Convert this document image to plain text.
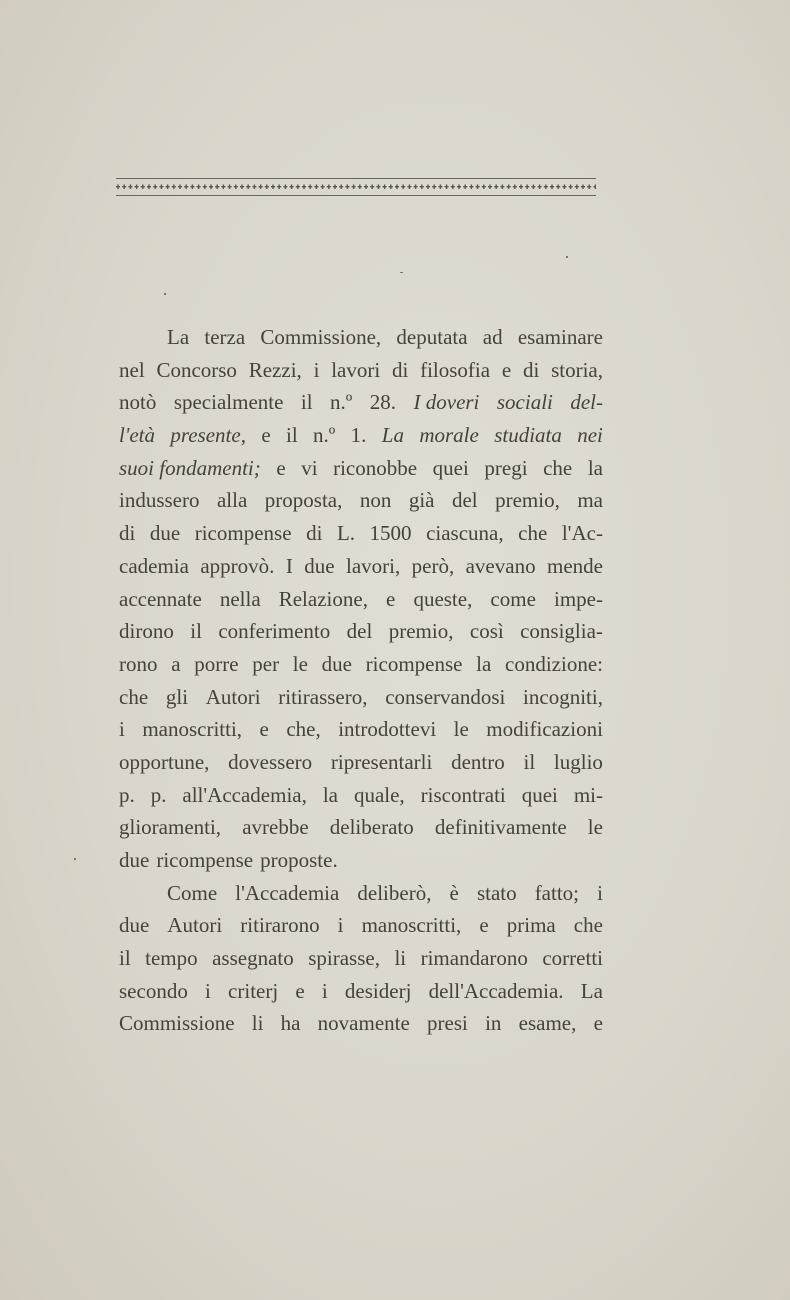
La terza Commissione, deputata ad esaminare
nel Concorso Rezzi, i lavori di filosofia e di storia,
notò specialmente il n.º 28. I doveri sociali del-
l'età presente, e il n.º 1. La morale studiata nei
suoi fondamenti; e vi riconobbe quei pregi che la
indussero alla proposta, non già del premio, ma
di due ricompense di L. 1500 ciascuna, che l'Ac-
cademia approvò. I due lavori, però, avevano mende
accennate nella Relazione, e queste, come impe-
dirono il conferimento del premio, così consiglia-
rono a porre per le due ricompense la condizione:
che gli Autori ritirassero, conservandosi incogniti,
i manoscritti, e che, introdottevi le modificazioni
opportune, dovessero ripresentarli dentro il luglio
p. p. all'Accademia, la quale, riscontrati quei mi-
glioramenti, avrebbe deliberato definitivamente le
due ricompense proposte.
Come l'Accademia deliberò, è stato fatto; i
due Autori ritirarono i manoscritti, e prima che
il tempo assegnato spirasse, li rimandarono corretti
secondo i criterj e i desiderj dell'Accademia. La
Commissione li ha novamente presi in esame, e
